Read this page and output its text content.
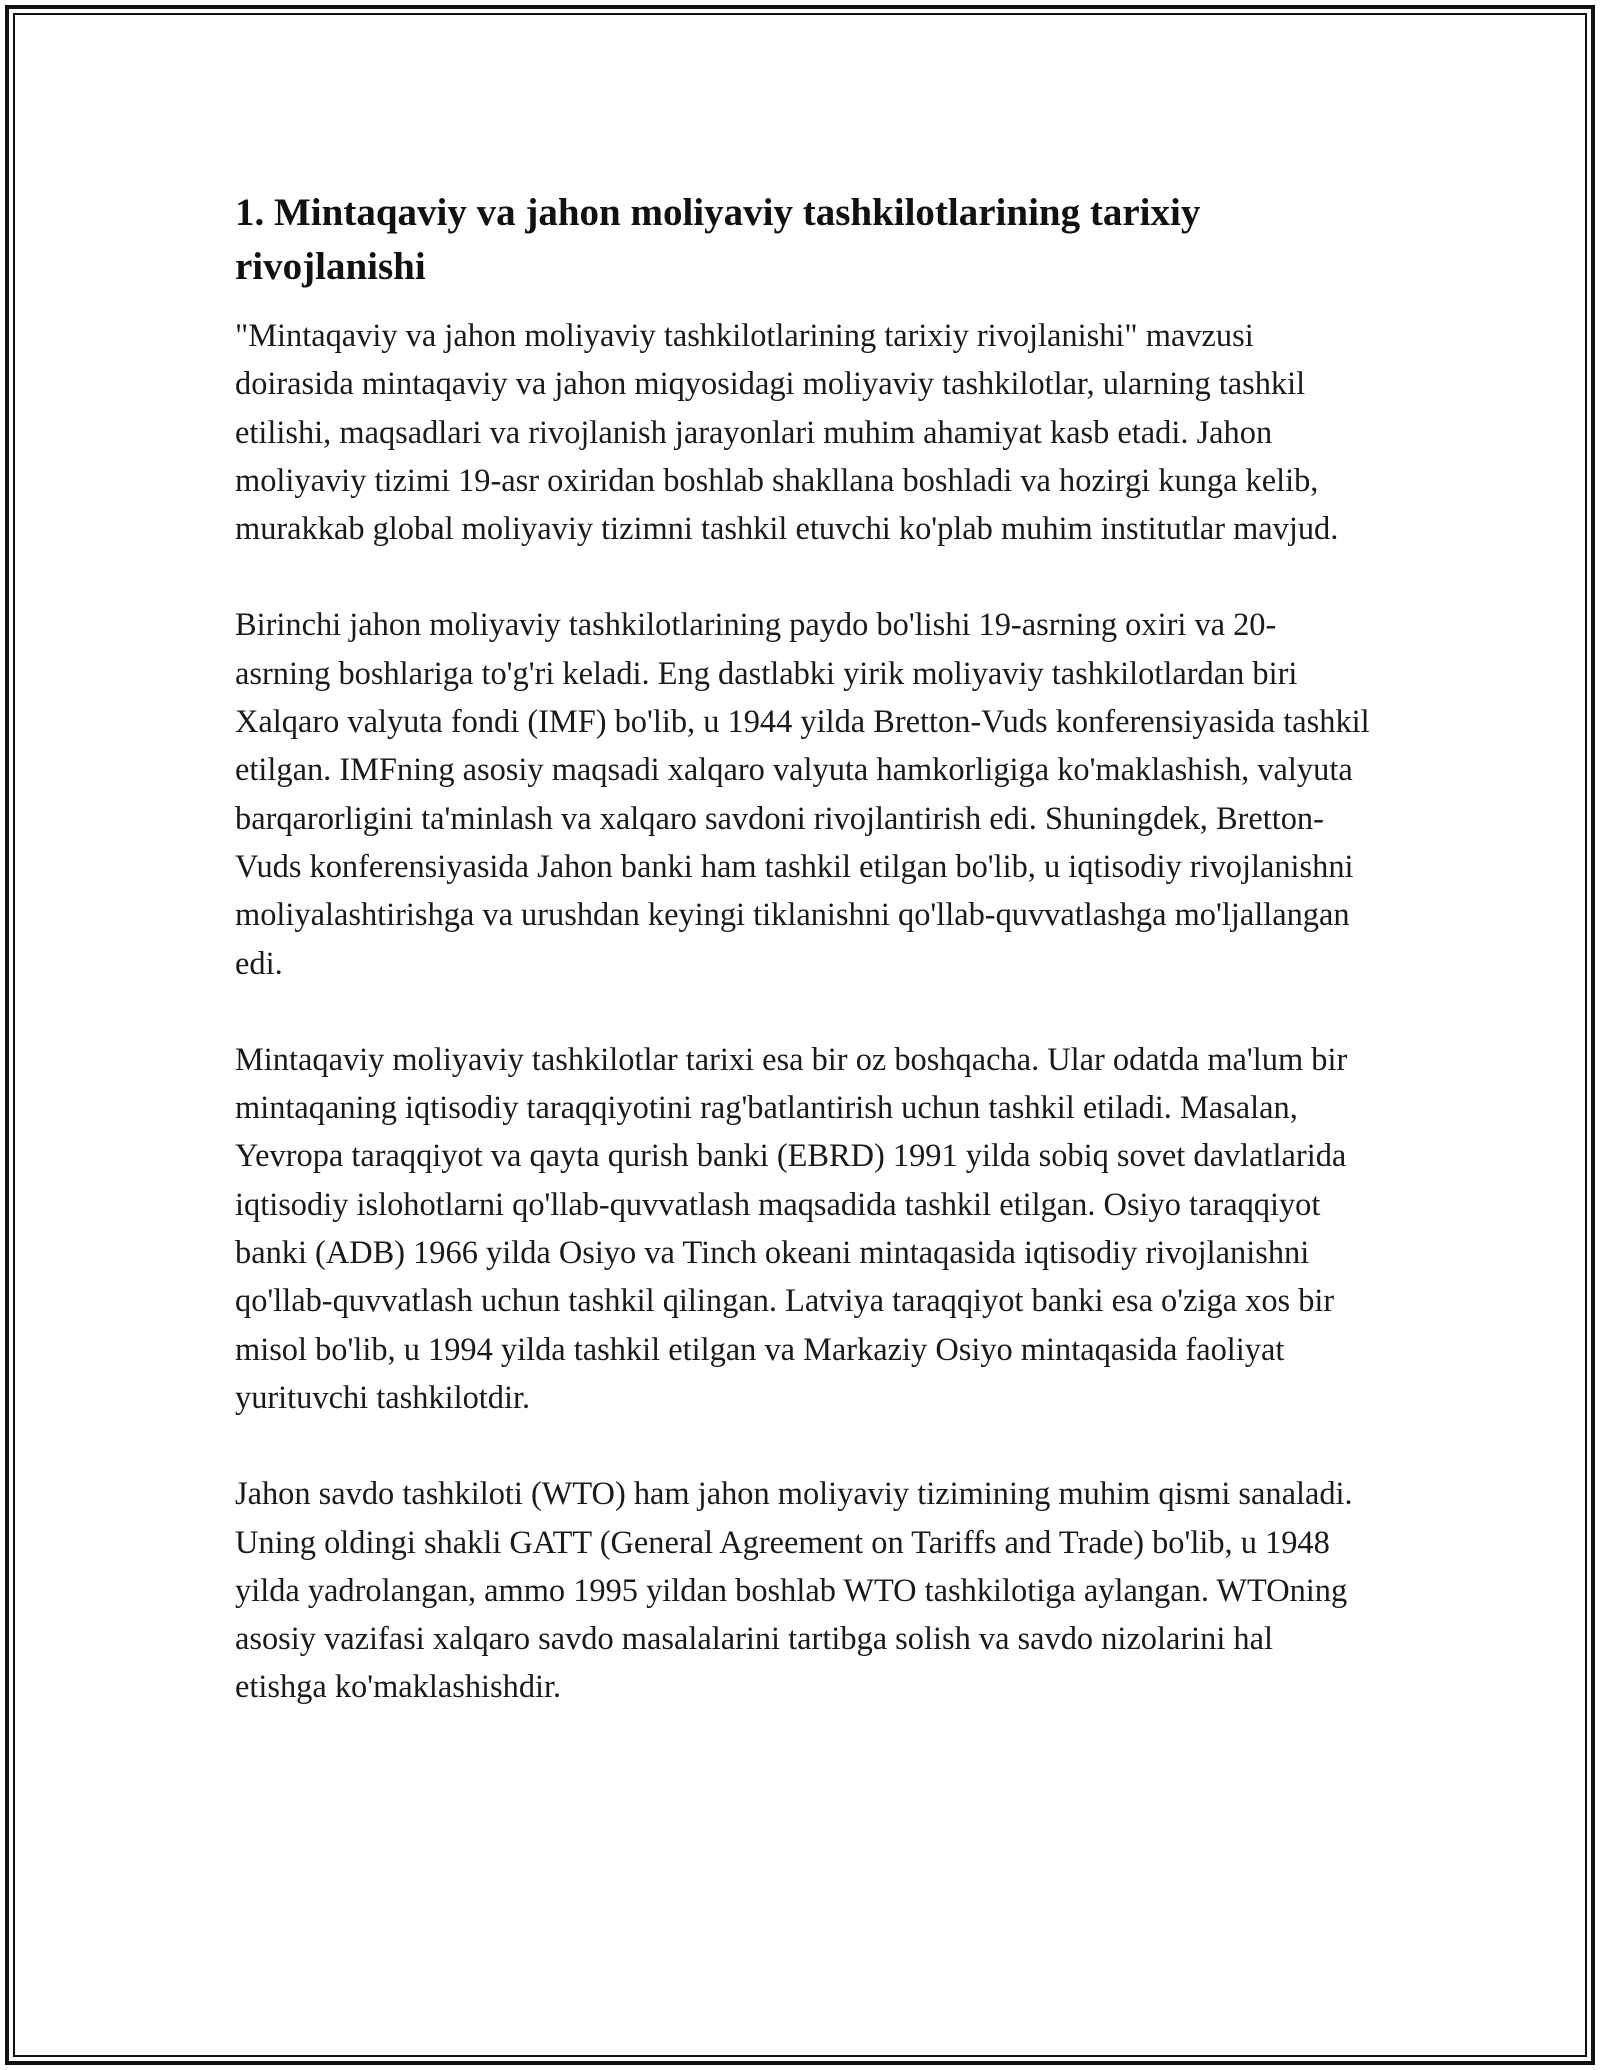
1. Mintaqaviy va jahon moliyaviy tashkilotlarining tarixiy rivojlanishi

"Mintaqaviy va jahon moliyaviy tashkilotlarining tarixiy rivojlanishi" mavzusi doirasida mintaqaviy va jahon miqyosidagi moliyaviy tashkilotlar, ularning tashkil etilishi, maqsadlari va rivojlanish jarayonlari muhim ahamiyat kasb etadi. Jahon moliyaviy tizimi 19-asr oxiridan boshlab shakllana boshladi va hozirgi kunga kelib, murakkab global moliyaviy tizimni tashkil etuvchi ko'plab muhim institutlar mavjud.

Birinchi jahon moliyaviy tashkilotlarining paydo bo'lishi 19-asrning oxiri va 20-asrning boshlariga to'g'ri keladi. Eng dastlabki yirik moliyaviy tashkilotlardan biri Xalqaro valyuta fondi (IMF) bo'lib, u 1944 yilda Bretton-Vuds konferensiyasida tashkil etilgan. IMFning asosiy maqsadi xalqaro valyuta hamkorligiga ko'maklashish, valyuta barqarorligini ta'minlash va xalqaro savdoni rivojlantirish edi. Shuningdek, Bretton-Vuds konferensiyasida Jahon banki ham tashkil etilgan bo'lib, u iqtisodiy rivojlanishni moliyalashtirishga va urushdan keyingi tiklanishni qo'llab-quvvatlashga mo'ljallangan edi.

Mintaqaviy moliyaviy tashkilotlar tarixi esa bir oz boshqacha. Ular odatda ma'lum bir mintaqaning iqtisodiy taraqqiyotini rag'batlantirish uchun tashkil etiladi. Masalan, Yevropa taraqqiyot va qayta qurish banki (EBRD) 1991 yilda sobiq sovet davlatlarida iqtisodiy islohotlarni qo'llab-quvvatlash maqsadida tashkil etilgan. Osiyo taraqqiyot banki (ADB) 1966 yilda Osiyo va Tinch okeani mintaqasida iqtisodiy rivojlanishni qo'llab-quvvatlash uchun tashkil qilingan. Latviya taraqqiyot banki esa o'ziga xos bir misol bo'lib, u 1994 yilda tashkil etilgan va Markaziy Osiyo mintaqasida faoliyat yurituvchi tashkilotdir.

Jahon savdo tashkiloti (WTO) ham jahon moliyaviy tizimining muhim qismi sanaladi. Uning oldingi shakli GATT (General Agreement on Tariffs and Trade) bo'lib, u 1948 yilda yadrolangan, ammo 1995 yildan boshlab WTO tashkilotiga aylangan. WTOning asosiy vazifasi xalqaro savdo masalalarini tartibga solish va savdo nizolarini hal etishga ko'maklashishdir.
